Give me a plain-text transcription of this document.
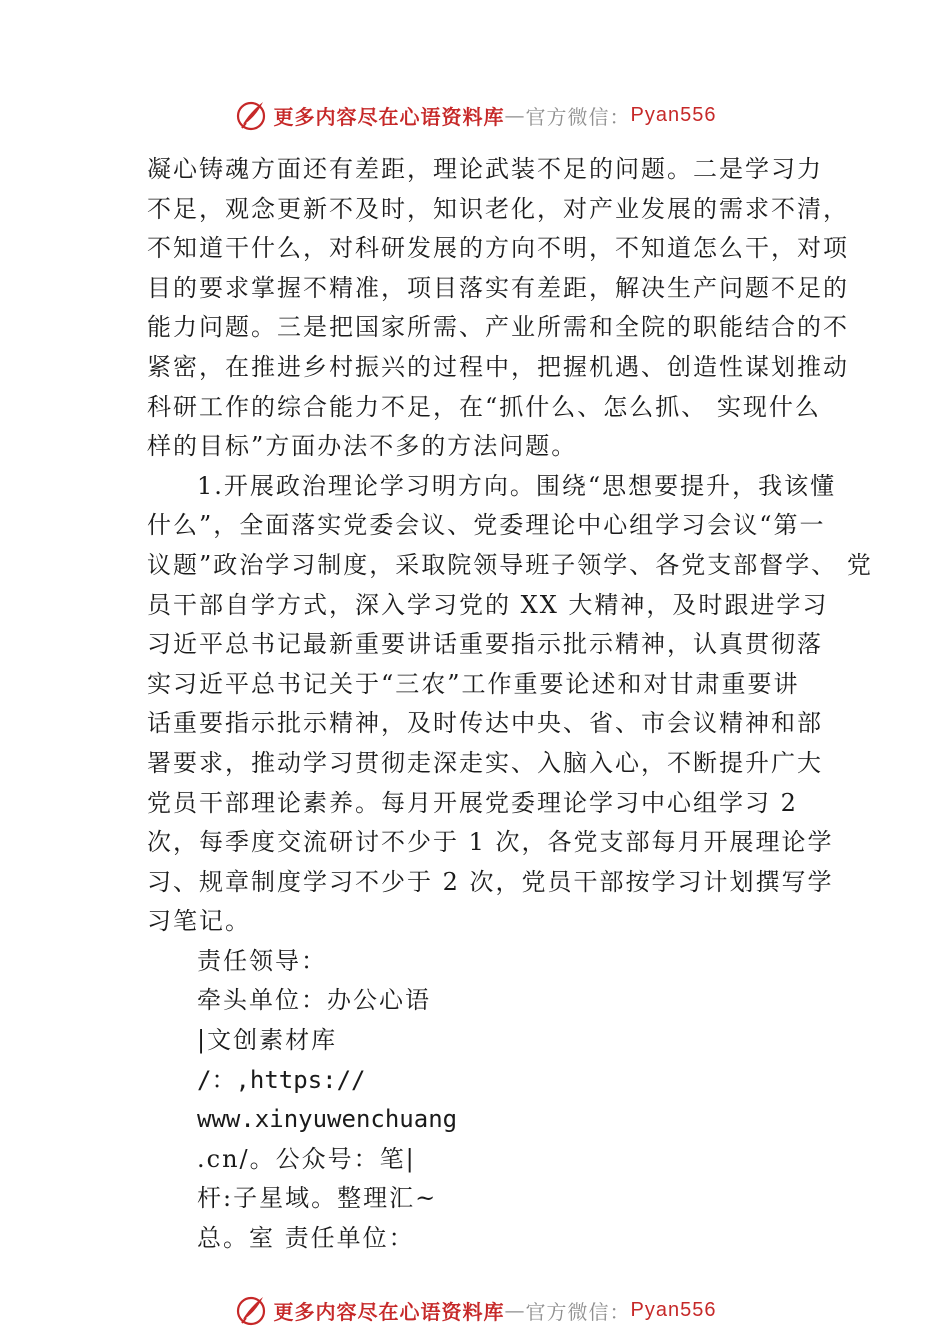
更多内容尽在心语资料库 — 官方微信： Pyan556
凝心铸魂方面还有差距，理论武装不足的问题。二是学习力
不足，观念更新不及时，知识老化，对产业发展的需求不清，
不知道干什么，对科研发展的方向不明，不知道怎么干，对项
目的要求掌握不精准，项目落实有差距，解决生产问题不足的
能力问题。三是把国家所需、产业所需和全院的职能结合的不
紧密，在推进乡村振兴的过程中，把握机遇、创造性谋划推动
科研工作的综合能力不足，在“抓什么、怎么抓、 实现什么
样的目标”方面办法不多的方法问题。
1.开展政治理论学习明方向。围绕“思想要提升，我该懂
什么”，全面落实党委会议、党委理论中心组学习会议“第一
议题”政治学习制度，采取院领导班子领学、各党支部督学、 党
员干部自学方式，深入学习党的 XX 大精神，及时跟进学习
习近平总书记最新重要讲话重要指示批示精神，认真贯彻落
实习近平总书记关于“三农”工作重要论述和对甘肃重要讲
话重要指示批示精神，及时传达中央、省、市会议精神和部
署要求，推动学习贯彻走深走实、入脑入心，不断提升广大
党员干部理论素养。每月开展党委理论学习中心组学习 2
次，每季度交流研讨不少于 1 次，各党支部每月开展理论学
习、规章制度学习不少于 2 次，党员干部按学习计划撰写学
习笔记。
责任领导：
牵头单位：办公心语
|文创素材库
/：,https://
www.xinyuwenchuang
.cn/。公众号：笔|
杆:子星域。整理汇~
总。室 责任单位：
更多内容尽在心语资料库 — 官方微信： Pyan556
